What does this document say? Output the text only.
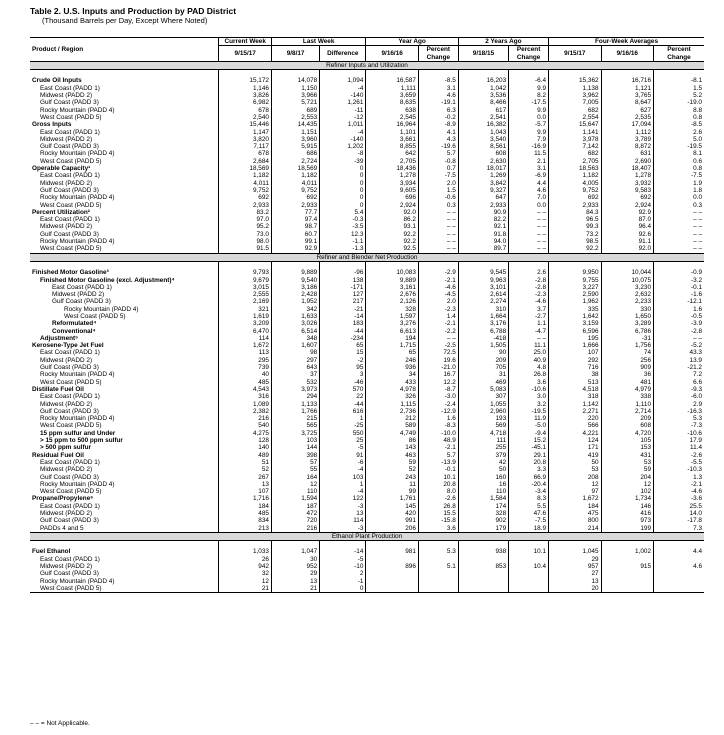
Table 2. U.S. Inputs and Production by PAD District
(Thousand Barrels per Day, Except Where Noted)
Product / Region	Current Week	Last Week		Year Ago		2 Years Ago		Four-Week Averages		
	9/15/17	9/8/17	Difference	9/16/16	Percent Change	9/18/15	Percent Change	9/15/17	9/16/16	Percent Change
Refiner Inputs and Utilization										

Crude Oil Inputs	15,172	14,078	1,094	16,587	-8.5	16,203	-6.4	15,362	16,716	-8.1
East Coast (PADD 1)	1,146	1,150	-4	1,111	3.1	1,042	9.9	1,138	1,121	1.5
Midwest (PADD 2)	3,826	3,966	-140	3,659	4.6	3,536	8.2	3,962	3,765	5.2
Gulf Coast (PADD 3)	6,982	5,721	1,261	8,635	-19.1	8,466	-17.5	7,005	8,647	-19.0
Rocky Mountain (PADD 4)	678	689	-11	638	6.3	617	9.9	682	627	8.8
West Coast (PADD 5)	2,540	2,553	-12	2,545	-0.2	2,541	0.0	2,554	2,535	0.8
Gross Inputs	15,446	14,435	1,011	16,964	-8.9	16,382	-5.7	15,647	17,094	-8.5
East Coast (PADD 1)	1,147	1,151	-4	1,101	4.1	1,043	9.9	1,141	1,112	2.6
Midwest (PADD 2)	3,820	3,960	-140	3,661	4.3	3,540	7.9	3,978	3,789	5.0
Gulf Coast (PADD 3)	7,117	5,915	1,202	8,855	-19.6	8,561	-16.9	7,142	8,872	-19.5
Rocky Mountain (PADD 4)	678	686	-8	642	5.7	608	11.5	682	631	8.1
West Coast (PADD 5)	2,684	2,724	-39	2,705	-0.8	2,630	2.1	2,705	2,690	0.6
Operable Capacity¹	18,569	18,569	0	18,436	0.7	18,017	3.1	18,563	18,407	0.8
East Coast (PADD 1)	1,182	1,182	0	1,278	-7.5	1,269	-6.9	1,182	1,278	-7.5
Midwest (PADD 2)	4,011	4,011	0	3,934	2.0	3,842	4.4	4,005	3,932	1.9
Gulf Coast (PADD 3)	9,752	9,752	0	9,605	1.5	9,327	4.6	9,752	9,583	1.8
Rocky Mountain (PADD 4)	692	692	0	696	-0.6	647	7.0	692	692	0.0
West Coast (PADD 5)	2,933	2,933	0	2,924	0.3	2,933	0.0	2,933	2,924	0.3
Percent Utilization²	83.2	77.7	5.4	92.0	– –	90.9	– –	84.3	92.9	– –
East Coast (PADD 1)	97.0	97.4	-0.3	86.2	– –	82.2	– –	96.5	87.0	– –
Midwest (PADD 2)	95.2	98.7	-3.5	93.1	– –	92.1	– –	99.3	96.4	– –
Gulf Coast (PADD 3)	73.0	60.7	12.3	92.2	– –	91.8	– –	73.2	92.6	– –
Rocky Mountain (PADD 4)	98.0	99.1	-1.1	92.2	– –	94.0	– –	98.5	91.1	– –
West Coast (PADD 5)	91.5	92.9	-1.3	92.5	– –	89.7	– –	92.2	92.0	– –
Refiner and Blender Net Production										

Finished Motor Gasoline³	9,793	9,889	-96	10,083	-2.9	9,545	2.6	9,950	10,044	-0.9
Finished Motor Gasoline (excl. Adjustment)⁴	9,679	9,540	138	9,889	-2.1	9,963	-2.8	9,755	10,075	-3.2
East Coast (PADD 1)	3,015	3,186	-171	3,161	-4.6	3,101	-2.8	3,227	3,230	-0.1
Midwest (PADD 2)	2,555	2,428	127	2,676	-4.5	2,614	-2.3	2,590	2,632	-1.6
Gulf Coast (PADD 3)	2,169	1,952	217	2,126	2.0	2,274	-4.6	1,962	2,233	-12.1
Rocky Mountain (PADD 4)	321	342	-21	328	-2.3	310	3.7	335	330	1.6
West Coast (PADD 5)	1,619	1,633	-14	1,597	1.4	1,664	-2.7	1,642	1,650	-0.5
Reformulated⁴	3,209	3,026	183	3,276	-2.1	3,176	1.1	3,159	3,289	-3.9
Conventional⁴	6,470	6,514	-44	6,613	-2.2	6,788	-4.7	6,596	6,786	-2.8
Adjustment⁵	114	348	-234	194	– –	-418	– –	195	-31	– –
Kerosene-Type Jet Fuel	1,672	1,607	65	1,715	-2.5	1,505	11.1	1,666	1,756	-5.2
East Coast (PADD 1)	113	98	15	65	72.5	90	25.0	107	74	43.3
Midwest (PADD 2)	295	297	-2	246	19.6	209	40.9	292	256	13.9
Gulf Coast (PADD 3)	739	643	95	936	-21.0	705	4.8	716	909	-21.2
Rocky Mountain (PADD 4)	40	37	3	34	16.7	31	26.8	38	36	7.2
West Coast (PADD 5)	485	532	-46	433	12.2	469	3.6	513	481	6.6
Distillate Fuel Oil	4,543	3,973	570	4,978	-8.7	5,083	-10.6	4,518	4,979	-9.3
East Coast (PADD 1)	316	294	22	326	-3.0	307	3.0	318	338	-6.0
Midwest (PADD 2)	1,089	1,133	-44	1,115	-2.4	1,055	3.2	1,142	1,110	2.9
Gulf Coast (PADD 3)	2,382	1,766	616	2,736	-12.9	2,960	-19.5	2,271	2,714	-16.3
Rocky Mountain (PADD 4)	216	215	1	212	1.6	193	11.9	220	209	5.3
West Coast (PADD 5)	540	565	-25	589	-8.3	569	-5.0	566	608	-7.3
15 ppm sulfur and Under	4,275	3,725	550	4,749	-10.0	4,718	-9.4	4,221	4,720	-10.6
> 15 ppm to 500 ppm sulfur	128	103	25	86	48.9	111	15.2	124	105	17.9
> 500 ppm sulfur	140	144	-5	143	-2.1	255	-45.1	171	153	11.4
Residual Fuel Oil	489	398	91	463	5.7	379	29.1	419	431	-2.6
East Coast (PADD 1)	51	57	-6	59	-13.9	42	20.8	50	53	-5.5
Midwest (PADD 2)	52	55	-4	52	-0.1	50	3.3	53	59	-10.3
Gulf Coast (PADD 3)	267	164	103	243	10.1	160	66.9	208	204	1.3
Rocky Mountain (PADD 4)	13	12	1	11	20.8	16	-20.4	12	12	-2.1
West Coast (PADD 5)	107	110	-4	99	8.0	110	-3.4	97	102	-4.6
Propane/Propylene⁶	1,716	1,594	122	1,761	-2.6	1,584	8.3	1,672	1,734	-3.6
East Coast (PADD 1)	184	187	-3	145	26.8	174	5.5	184	146	25.5
Midwest (PADD 2)	485	472	13	420	15.5	328	47.6	475	416	14.0
Gulf Coast (PADD 3)	834	720	114	991	-15.8	902	-7.5	800	973	-17.8
PADDs 4 and 5	213	216	-3	206	3.6	179	18.9	214	199	7.3
Ethanol Plant Production										

Fuel Ethanol	1,033	1,047	-14	981	5.3	938	10.1	1,045	1,002	4.4
East Coast (PADD 1)	26	30	-5					29		
Midwest (PADD 2)	942	952	-10	896	5.1	853	10.4	957	915	4.6
Gulf Coast (PADD 3)	32	29	2					27		
Rocky Mountain (PADD 4)	12	13	-1					13		
West Coast (PADD 5)	21	21	0					20		
– – = Not Applicable.
